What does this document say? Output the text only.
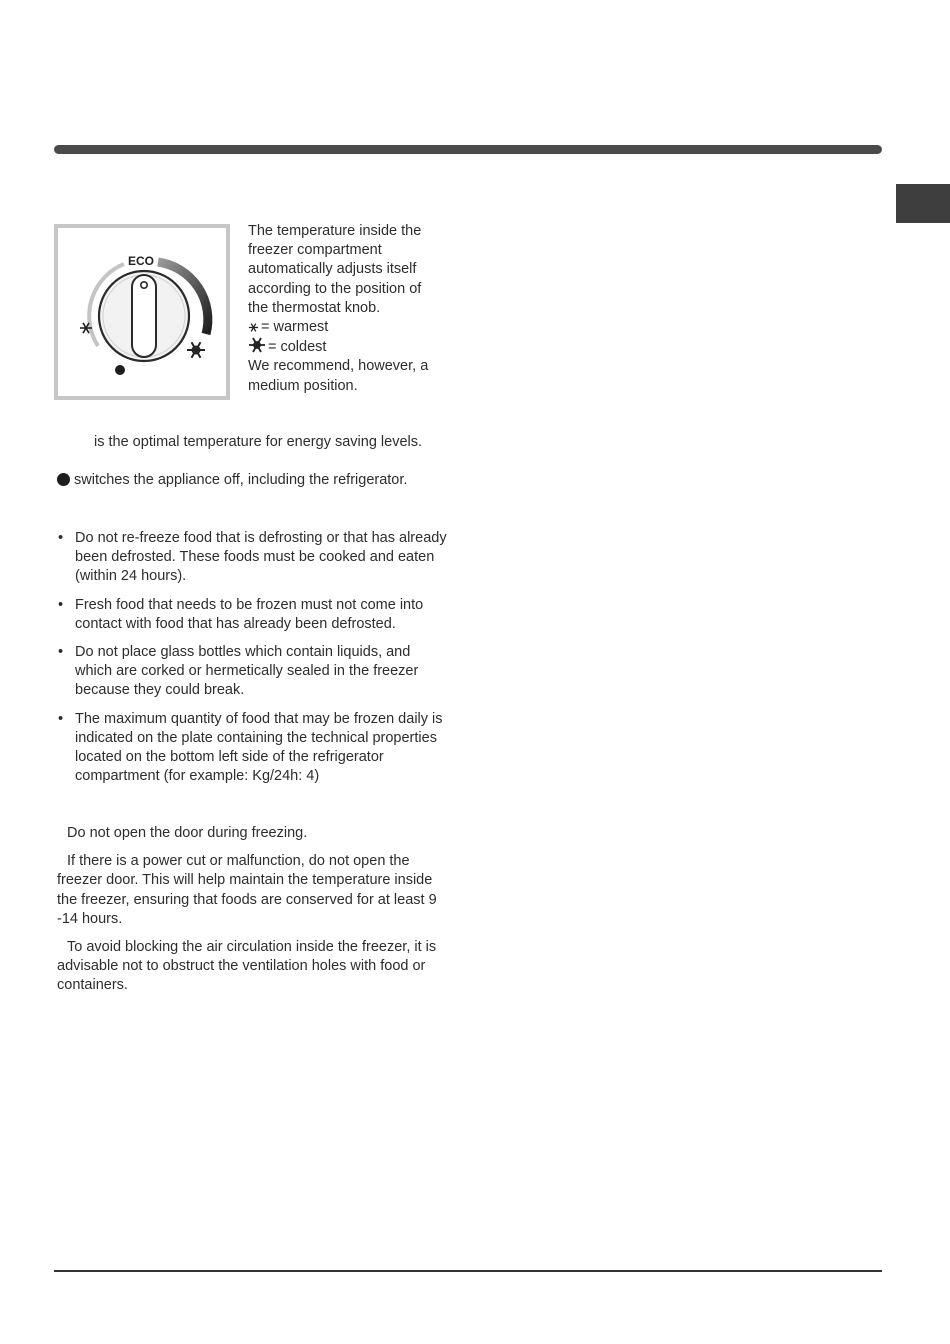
ECO
The temperature inside the
freezer compartment
automatically adjusts itself
according to the position of
the thermostat knob.
= warmest
= coldest
We recommend, however, a
medium position.
is the optimal temperature for energy saving levels.
switches the appliance off, including the refrigerator.
• Do not re-freeze food that is defrosting or that has already been defrosted. These foods must be cooked and eaten (within 24 hours).
• Fresh food that needs to be frozen must not come into contact with food that has already been defrosted.
• Do not place glass bottles which contain liquids, and which are corked or hermetically sealed in the freezer because they could break.
• The maximum quantity of food that may be frozen daily is indicated on the plate containing the technical properties located on the bottom left side of the refrigerator compartment (for example: Kg/24h: 4)

Do not open the door during freezing.

If there is a power cut or malfunction, do not open the freezer door. This will help maintain the temperature inside the freezer, ensuring that foods are conserved for at least 9 -14 hours.

To avoid blocking the air circulation inside the freezer, it is advisable not to obstruct the ventilation holes with food or containers.
